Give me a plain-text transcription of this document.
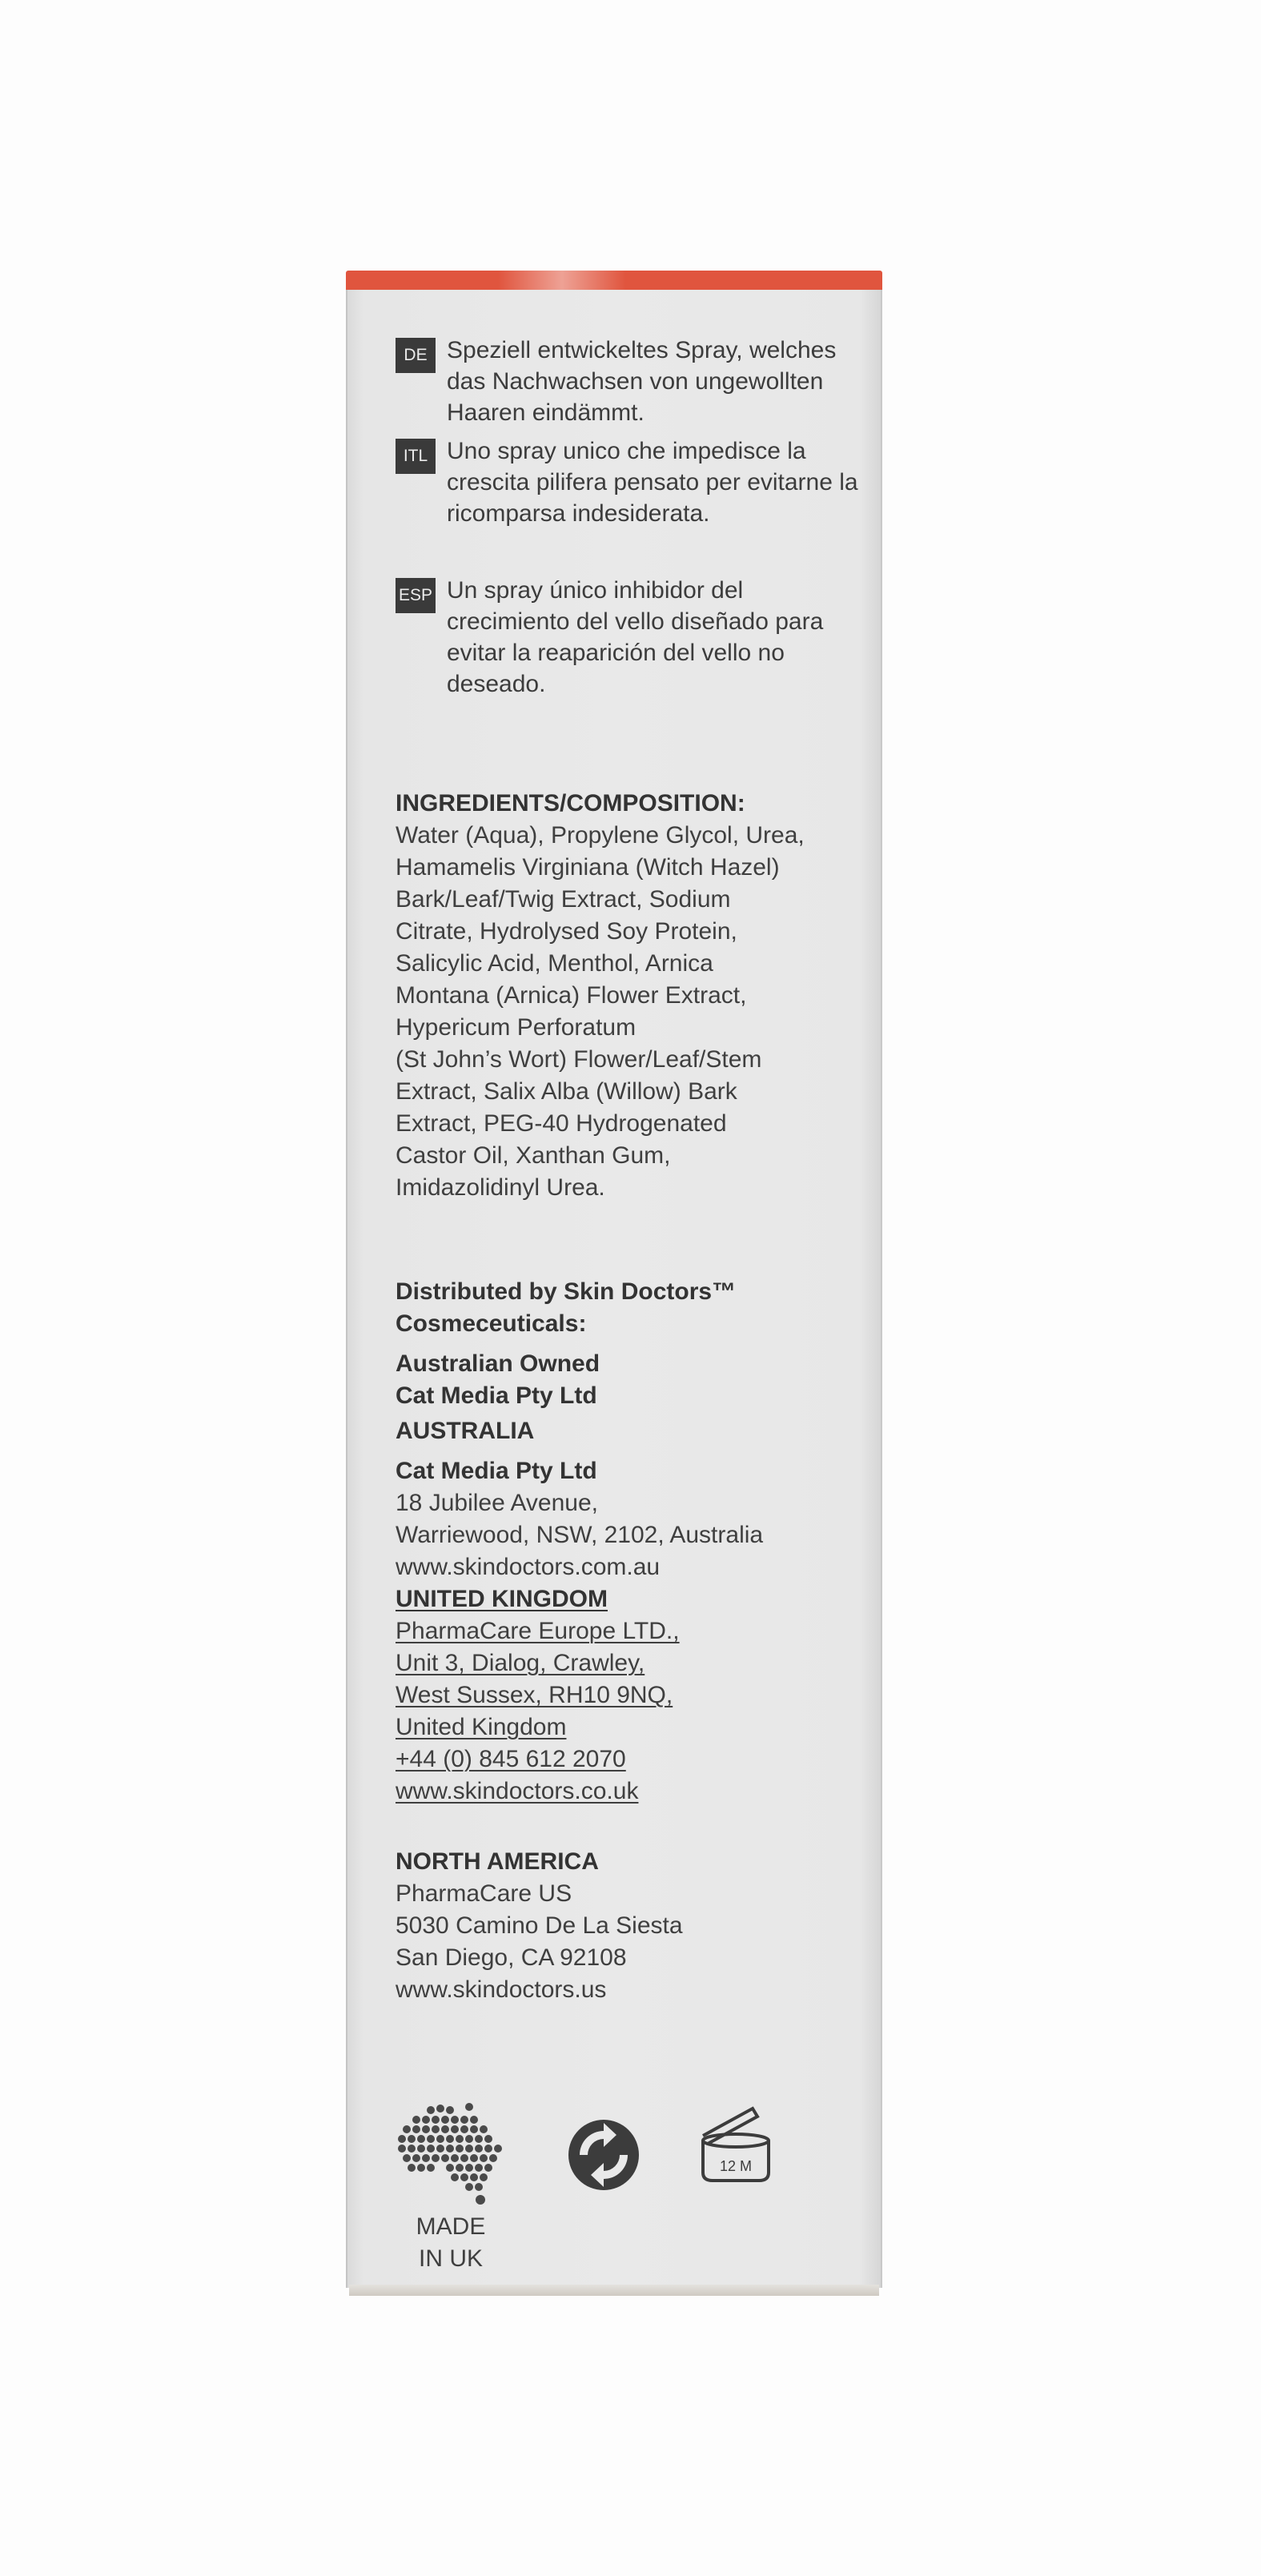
DE Speziell entwickeltes Spray, welches das Nachwachsen von ungewollten Haaren eindämmt.
ITL Uno spray unico che impedisce la crescita pilifera pensato per evitarne la ricomparsa indesiderata.
ESP Un spray único inhibidor del crecimiento del vello diseñado para evitar la reaparición del vello no deseado.
INGREDIENTS/COMPOSITION:
Water (Aqua), Propylene Glycol, Urea,
Hamamelis Virginiana (Witch Hazel)
Bark/Leaf/Twig Extract, Sodium
Citrate, Hydrolysed Soy Protein,
Salicylic Acid, Menthol, Arnica
Montana (Arnica) Flower Extract,
Hypericum Perforatum
(St John’s Wort) Flower/Leaf/Stem
Extract, Salix Alba (Willow) Bark
Extract, PEG-40 Hydrogenated
Castor Oil, Xanthan Gum,
Imidazolidinyl Urea.
Distributed by Skin Doctors™
Cosmeceuticals:
Australian Owned
Cat Media Pty Ltd
AUSTRALIA
Cat Media Pty Ltd
18 Jubilee Avenue,
Warriewood, NSW, 2102, Australia
www.skindoctors.com.au
UNITED KINGDOM
PharmaCare Europe LTD.,
Unit 3, Dialog, Crawley,
West Sussex, RH10 9NQ,
United Kingdom
+44 (0) 845 612 2070
www.skindoctors.co.uk
NORTH AMERICA
PharmaCare US
5030 Camino De La Siesta
San Diego, CA 92108
www.skindoctors.us
12 M
MADE
IN UK
